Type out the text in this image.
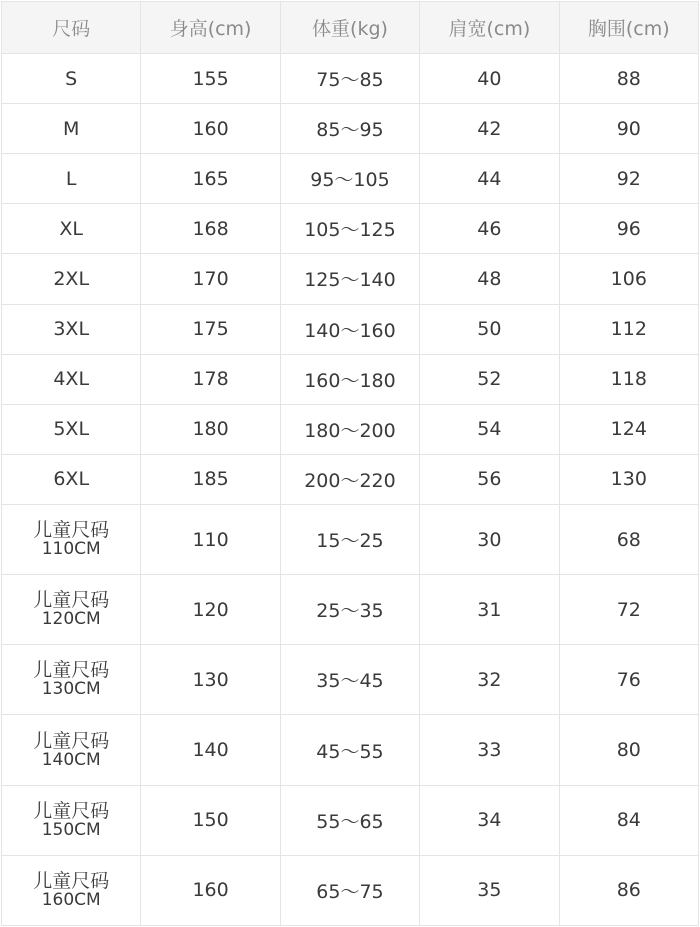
尺码	身高(cm)	体重(kg)	肩宽(cm)	胸围(cm)

S	155	75～85	40	88

M	160	85～95	42	90

L	165	95～105	44	92

XL	168	105～125	46	96

2XL	170	125～140	48	106

3XL	175	140～160	50	112

4XL	178	160～180	52	118

5XL	180	180～200	54	124

6XL	185	200～220	56	130

儿童尺码
110CM	110	15～25	30	68

儿童尺码
120CM	120	25～35	31	72

儿童尺码
130CM	130	35～45	32	76

儿童尺码
140CM	140	45～55	33	80

儿童尺码
150CM	150	55～65	34	84

儿童尺码
160CM	160	65～75	35	86
